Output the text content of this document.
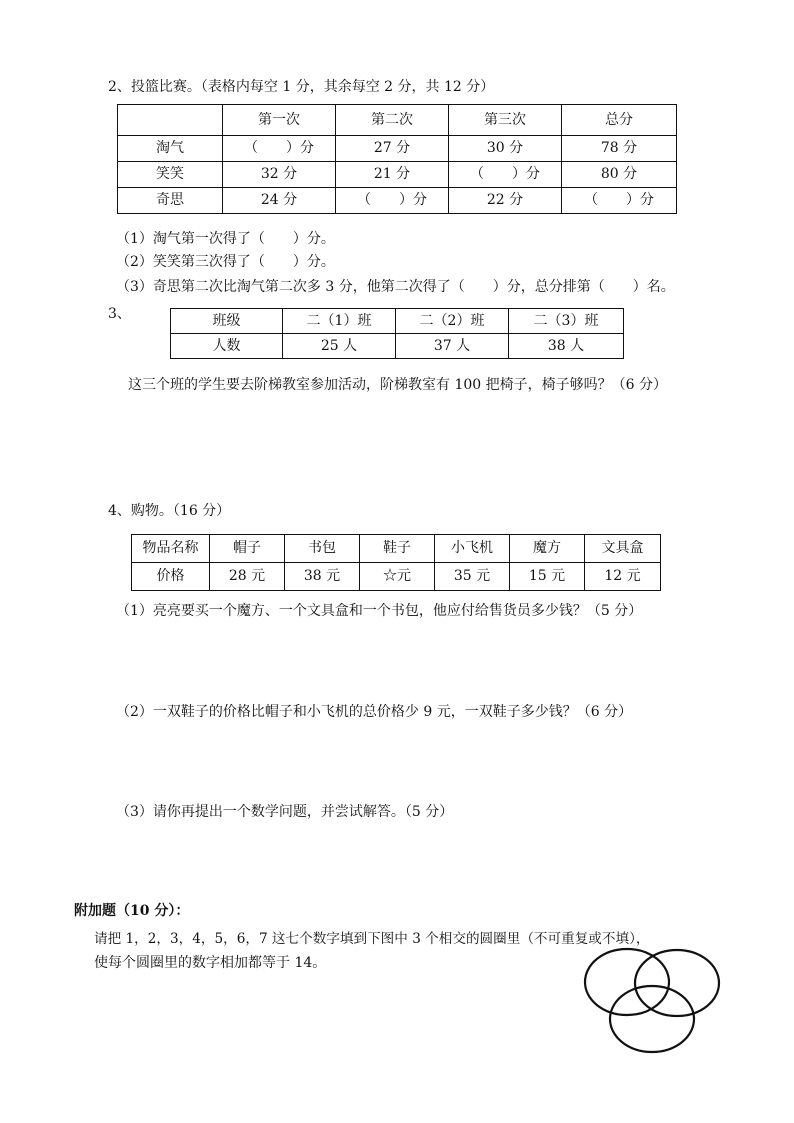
2、投篮比赛。（表格内每空 1 分，其余每空 2 分，共 12 分）
	第一次	第二次	第三次	总分
淘气	（　　）分	27 分	30 分	78 分
笑笑	32 分	21 分	（　　）分	80 分
奇思	24 分	（　　）分	22 分	（　　）分
（1）淘气第一次得了（　　）分。
（2）笑笑第三次得了（　　）分。
（3）奇思第二次比淘气第二次多 3 分，他第二次得了（　　）分，总分排第（　　）名。
3、	班级	二（1）班	二（2）班	二（3）班
人数	25 人	37 人	38 人
这三个班的学生要去阶梯教室参加活动，阶梯教室有 100 把椅子，椅子够吗？（6 分）
4、购物。（16 分）
物品名称	帽子	书包	鞋子	小飞机	魔方	文具盒
价格	28 元	38 元	☆元	35 元	15 元	12 元
（1）亮亮要买一个魔方、一个文具盒和一个书包，他应付给售货员多少钱？（5 分）
（2）一双鞋子的价格比帽子和小飞机的总价格少 9 元，一双鞋子多少钱？（6 分）
（3）请你再提出一个数学问题，并尝试解答。（5 分）
附加题（10 分）：
请把 1，2，3，4，5，6，7 这七个数字填到下图中 3 个相交的圆圈里（不可重复或不填），
使每个圆圈里的数字相加都等于 14。
